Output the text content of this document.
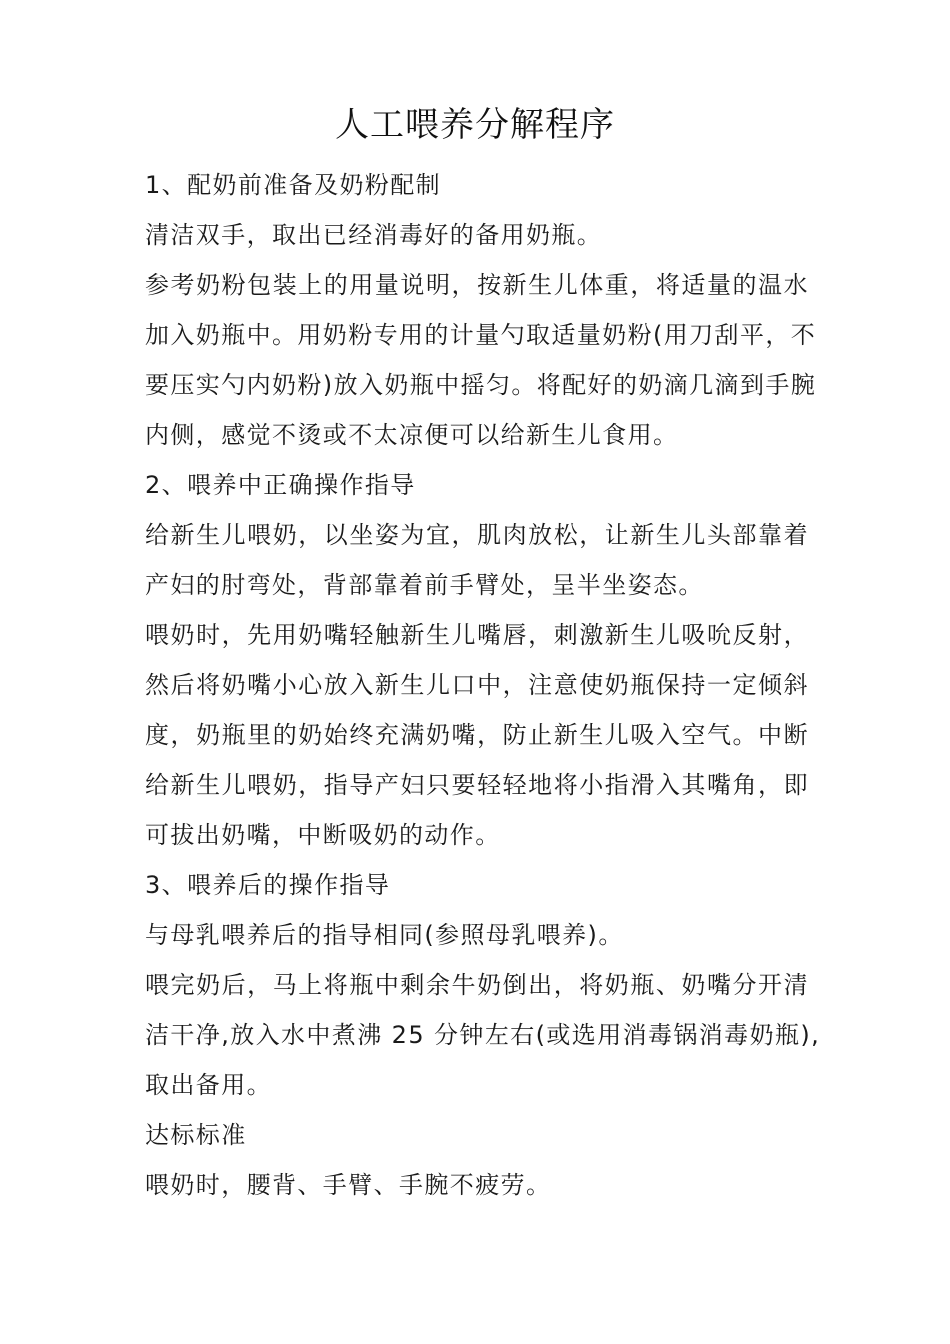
人工喂养分解程序
1、配奶前准备及奶粉配制
清洁双手，取出已经消毒好的备用奶瓶。
参考奶粉包装上的用量说明，按新生儿体重，将适量的温水
加入奶瓶中。用奶粉专用的计量勺取适量奶粉(用刀刮平，不
要压实勺内奶粉)放入奶瓶中摇匀。将配好的奶滴几滴到手腕
内侧，感觉不烫或不太凉便可以给新生儿食用。
2、喂养中正确操作指导
给新生儿喂奶，以坐姿为宜，肌肉放松，让新生儿头部靠着
产妇的肘弯处，背部靠着前手臂处，呈半坐姿态。
喂奶时，先用奶嘴轻触新生儿嘴唇，刺激新生儿吸吮反射，
然后将奶嘴小心放入新生儿口中，注意使奶瓶保持一定倾斜
度，奶瓶里的奶始终充满奶嘴，防止新生儿吸入空气。中断
给新生儿喂奶，指导产妇只要轻轻地将小指滑入其嘴角，即
可拔出奶嘴，中断吸奶的动作。
3、喂养后的操作指导
与母乳喂养后的指导相同(参照母乳喂养)。
喂完奶后，马上将瓶中剩余牛奶倒出，将奶瓶、奶嘴分开清
洁干净,放入水中煮沸 25 分钟左右(或选用消毒锅消毒奶瓶),
取出备用。
达标标准
喂奶时，腰背、手臂、手腕不疲劳。
